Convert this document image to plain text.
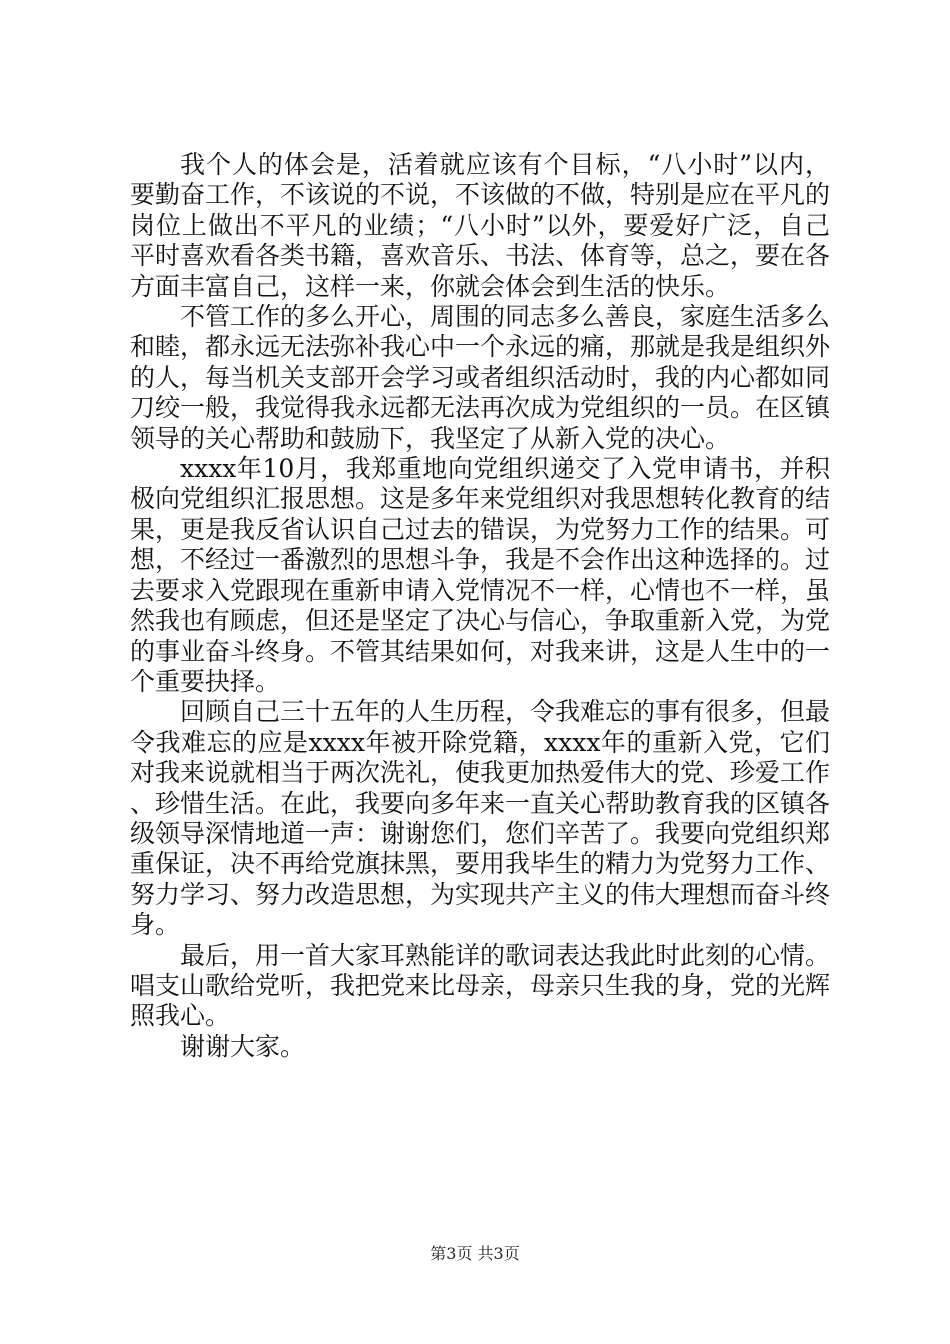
我个人的体会是，活着就应该有个目标，“八小时”以内，要勤奋工作，不该说的不说，不该做的不做，特别是应在平凡的岗位上做出不平凡的业绩；“八小时”以外，要爱好广泛，自己平时喜欢看各类书籍，喜欢音乐、书法、体育等，总之，要在各方面丰富自己，这样一来，你就会体会到生活的快乐。

不管工作的多么开心，周围的同志多么善良，家庭生活多么和睦，都永远无法弥补我心中一个永远的痛，那就是我是组织外的人，每当机关支部开会学习或者组织活动时，我的内心都如同刀绞一般，我觉得我永远都无法再次成为党组织的一员。在区镇领导的关心帮助和鼓励下，我坚定了从新入党的决心。

xxxx年10月，我郑重地向党组织递交了入党申请书，并积极向党组织汇报思想。这是多年来党组织对我思想转化教育的结果，更是我反省认识自己过去的错误，为党努力工作的结果。可想，不经过一番激烈的思想斗争，我是不会作出这种选择的。过去要求入党跟现在重新申请入党情况不一样，心情也不一样，虽然我也有顾虑，但还是坚定了决心与信心，争取重新入党，为党的事业奋斗终身。不管其结果如何，对我来讲，这是人生中的一个重要抉择。

回顾自己三十五年的人生历程，令我难忘的事有很多，但最令我难忘的应是xxxx年被开除党籍，xxxx年的重新入党，它们对我来说就相当于两次洗礼，使我更加热爱伟大的党、珍爱工作、珍惜生活。在此，我要向多年来一直关心帮助教育我的区镇各级领导深情地道一声：谢谢您们，您们辛苦了。我要向党组织郑重保证，决不再给党旗抹黑，要用我毕生的精力为党努力工作、努力学习、努力改造思想，为实现共产主义的伟大理想而奋斗终身。

最后，用一首大家耳熟能详的歌词表达我此时此刻的心情。唱支山歌给党听，我把党来比母亲，母亲只生我的身，党的光辉照我心。

谢谢大家。

第3页 共3页
